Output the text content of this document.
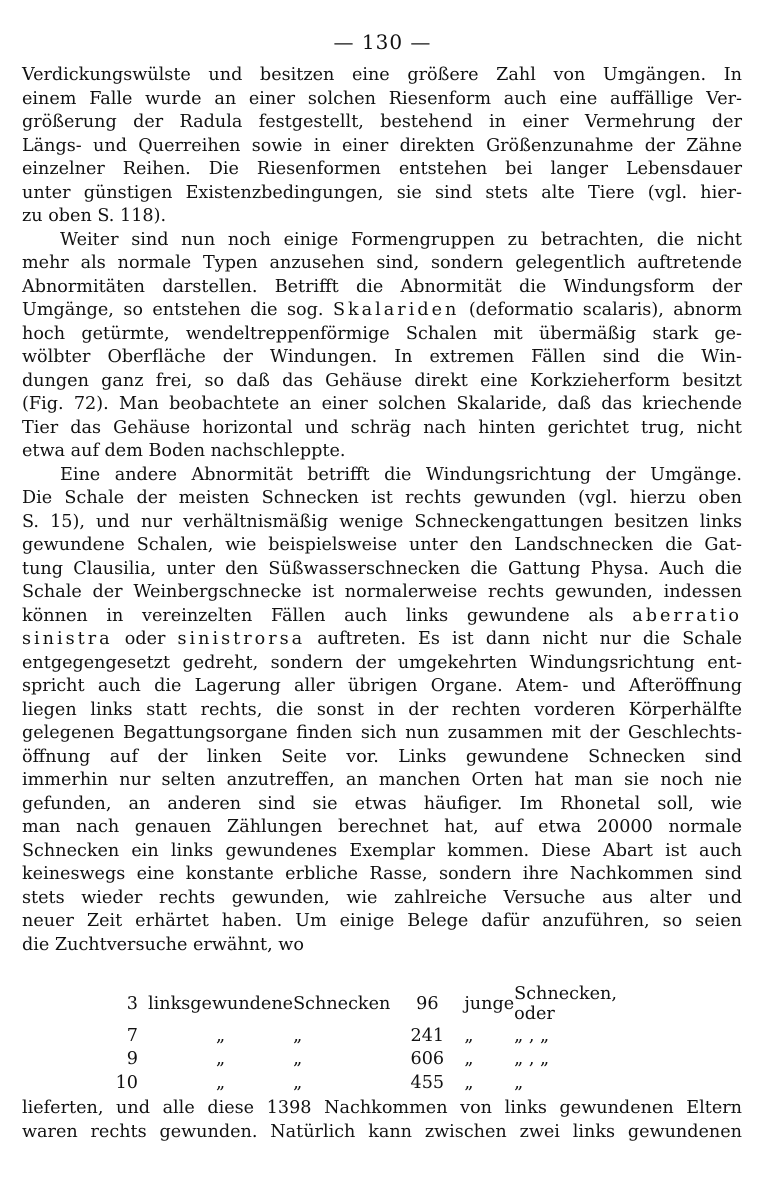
— 130 —
Verdickungswülste und besitzen eine größere Zahl von Umgängen. In
einem Falle wurde an einer solchen Riesenform auch eine auffällige Ver-
größerung der Radula festgestellt, bestehend in einer Vermehrung der
Längs- und Querreihen sowie in einer direkten Größenzunahme der Zähne
einzelner Reihen. Die Riesenformen entstehen bei langer Lebensdauer
unter günstigen Existenzbedingungen, sie sind stets alte Tiere (vgl. hier-
zu oben S. 118).
Weiter sind nun noch einige Formengruppen zu betrachten, die nicht
mehr als normale Typen anzusehen sind, sondern gelegentlich auftretende
Abnormitäten darstellen. Betrifft die Abnormität die Windungsform der
Umgänge, so entstehen die sog. Skalariden (deformatio scalaris), abnorm
hoch getürmte, wendeltreppenförmige Schalen mit übermäßig stark ge-
wölbter Oberfläche der Windungen. In extremen Fällen sind die Win-
dungen ganz frei, so daß das Gehäuse direkt eine Korkzieherform besitzt
(Fig. 72). Man beobachtete an einer solchen Skalaride, daß das kriechende
Tier das Gehäuse horizontal und schräg nach hinten gerichtet trug, nicht
etwa auf dem Boden nachschleppte.
Eine andere Abnormität betrifft die Windungsrichtung der Umgänge.
Die Schale der meisten Schnecken ist rechts gewunden (vgl. hierzu oben
S. 15), und nur verhältnismäßig wenige Schneckengattungen besitzen links
gewundene Schalen, wie beispielsweise unter den Landschnecken die Gat-
tung Clausilia, unter den Süßwasserschnecken die Gattung Physa. Auch die
Schale der Weinbergschnecke ist normalerweise rechts gewunden, indessen
können in vereinzelten Fällen auch links gewundene als aberratio
sinistra oder sinistrorsa auftreten. Es ist dann nicht nur die Schale
entgegengesetzt gedreht, sondern der umgekehrten Windungsrichtung ent-
spricht auch die Lagerung aller übrigen Organe. Atem- und Afteröffnung
liegen links statt rechts, die sonst in der rechten vorderen Körperhälfte
gelegenen Begattungsorgane finden sich nun zusammen mit der Geschlechts-
öffnung auf der linken Seite vor. Links gewundene Schnecken sind
immerhin nur selten anzutreffen, an manchen Orten hat man sie noch nie
gefunden, an anderen sind sie etwas häufiger. Im Rhonetal soll, wie
man nach genauen Zählungen berechnet hat, auf etwa 20000 normale
Schnecken ein links gewundenes Exemplar kommen. Diese Abart ist auch
keineswegs eine konstante erbliche Rasse, sondern ihre Nachkommen sind
stets wieder rechts gewunden, wie zahlreiche Versuche aus alter und
neuer Zeit erhärtet haben. Um einige Belege dafür anzuführen, so seien
die Zuchtversuche erwähnt, wo
3	linksgewundene	Schnecken	96	junge	Schnecken, oder
7	„	„	241	„	„ , „
9	„	„	606	„	„ , „
10	„	„	455	„	„
lieferten, und alle diese 1398 Nachkommen von links gewundenen Eltern
waren rechts gewunden. Natürlich kann zwischen zwei links gewundenen
